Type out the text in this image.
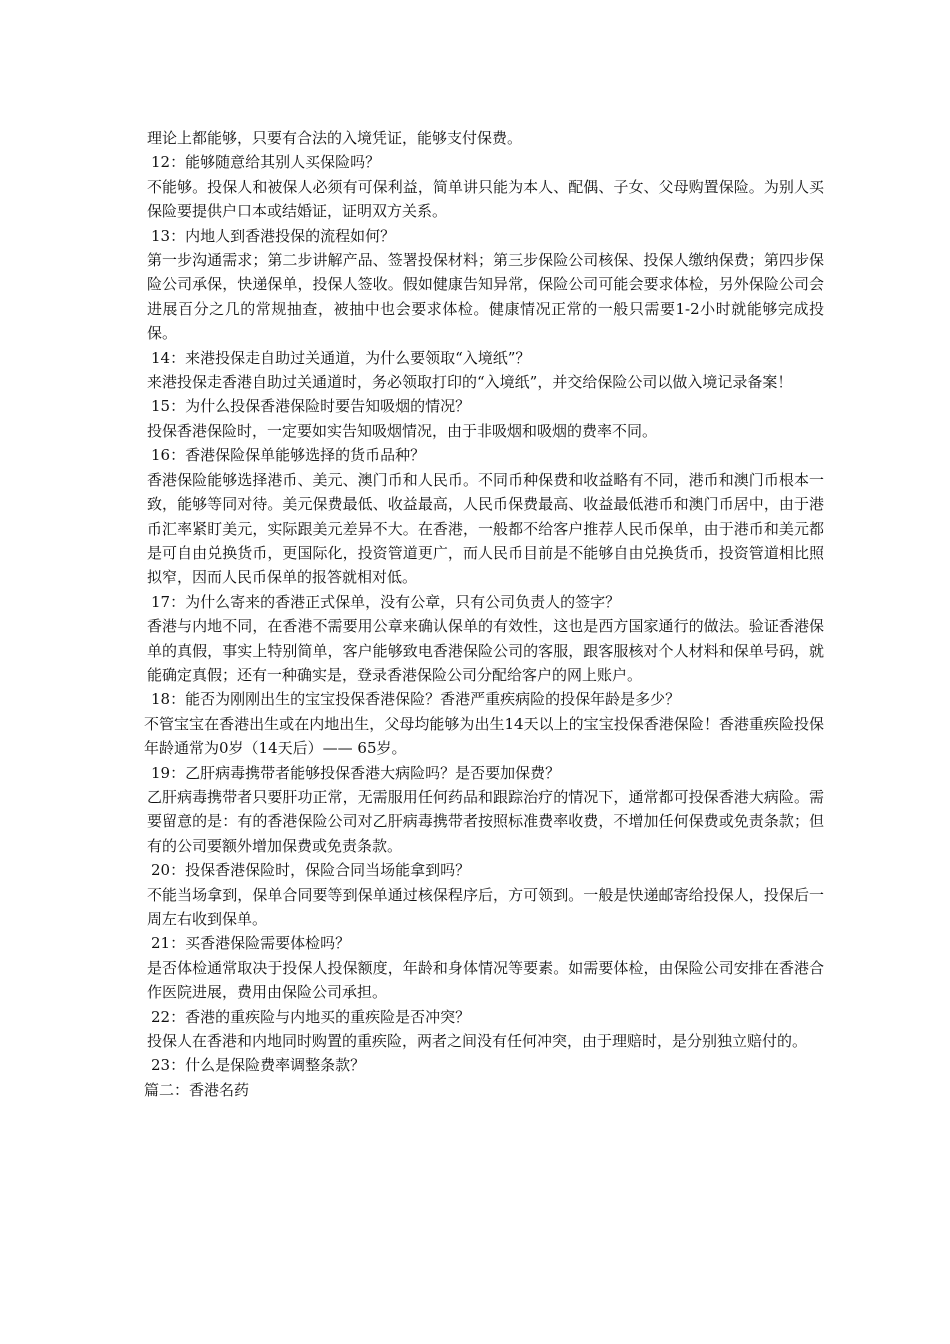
理论上都能够，只要有合法的入境凭证，能够支付保费。

12：能够随意给其别人买保险吗？

不能够。投保人和被保人必须有可保利益，简单讲只能为本人、配偶、子女、父母购置保险。为别人买保险要提供户口本或结婚证，证明双方关系。

13：内地人到香港投保的流程如何？

第一步沟通需求；第二步讲解产品、签署投保材料；第三步保险公司核保、投保人缴纳保费；第四步保险公司承保，快递保单，投保人签收。假如健康告知异常，保险公司可能会要求体检，另外保险公司会进展百分之几的常规抽查，被抽中也会要求体检。健康情况正常的一般只需要1-2小时就能够完成投保。

14：来港投保走自助过关通道，为什么要领取“入境纸”？

来港投保走香港自助过关通道时，务必领取打印的“入境纸”，并交给保险公司以做入境记录备案！

15：为什么投保香港保险时要告知吸烟的情况？

投保香港保险时，一定要如实告知吸烟情况，由于非吸烟和吸烟的费率不同。

16：香港保险保单能够选择的货币品种？

香港保险能够选择港币、美元、澳门币和人民币。不同币种保费和收益略有不同，港币和澳门币根本一致，能够等同对待。美元保费最低、收益最高，人民币保费最高、收益最低港币和澳门币居中，由于港币汇率紧盯美元，实际跟美元差异不大。在香港，一般都不给客户推荐人民币保单，由于港币和美元都是可自由兑换货币，更国际化，投资管道更广，而人民币目前是不能够自由兑换货币，投资管道相比照拟窄，因而人民币保单的报答就相对低。

17：为什么寄来的香港正式保单，没有公章，只有公司负责人的签字？

香港与内地不同，在香港不需要用公章来确认保单的有效性，这也是西方国家通行的做法。验证香港保单的真假，事实上特别简单，客户能够致电香港保险公司的客服，跟客服核对个人材料和保单号码，就能确定真假；还有一种确实是，登录香港保险公司分配给客户的网上账户。

18：能否为刚刚出生的宝宝投保香港保险？香港严重疾病险的投保年龄是多少？

不管宝宝在香港出生或在内地出生，父母均能够为出生14天以上的宝宝投保香港保险！香港重疾险投保年龄通常为0岁（14天后）—— 65岁。

19：乙肝病毒携带者能够投保香港大病险吗？是否要加保费？

乙肝病毒携带者只要肝功正常，无需服用任何药品和跟踪治疗的情况下，通常都可投保香港大病险。需要留意的是：有的香港保险公司对乙肝病毒携带者按照标准费率收费，不增加任何保费或免责条款；但有的公司要额外增加保费或免责条款。

20：投保香港保险时，保险合同当场能拿到吗？

不能当场拿到，保单合同要等到保单通过核保程序后，方可领到。一般是快递邮寄给投保人，投保后一周左右收到保单。

21：买香港保险需要体检吗？

是否体检通常取决于投保人投保额度，年龄和身体情况等要素。如需要体检，由保险公司安排在香港合作医院进展，费用由保险公司承担。

22：香港的重疾险与内地买的重疾险是否冲突？

投保人在香港和内地同时购置的重疾险，两者之间没有任何冲突，由于理赔时，是分别独立赔付的。

23：什么是保险费率调整条款？

篇二：香港名药
